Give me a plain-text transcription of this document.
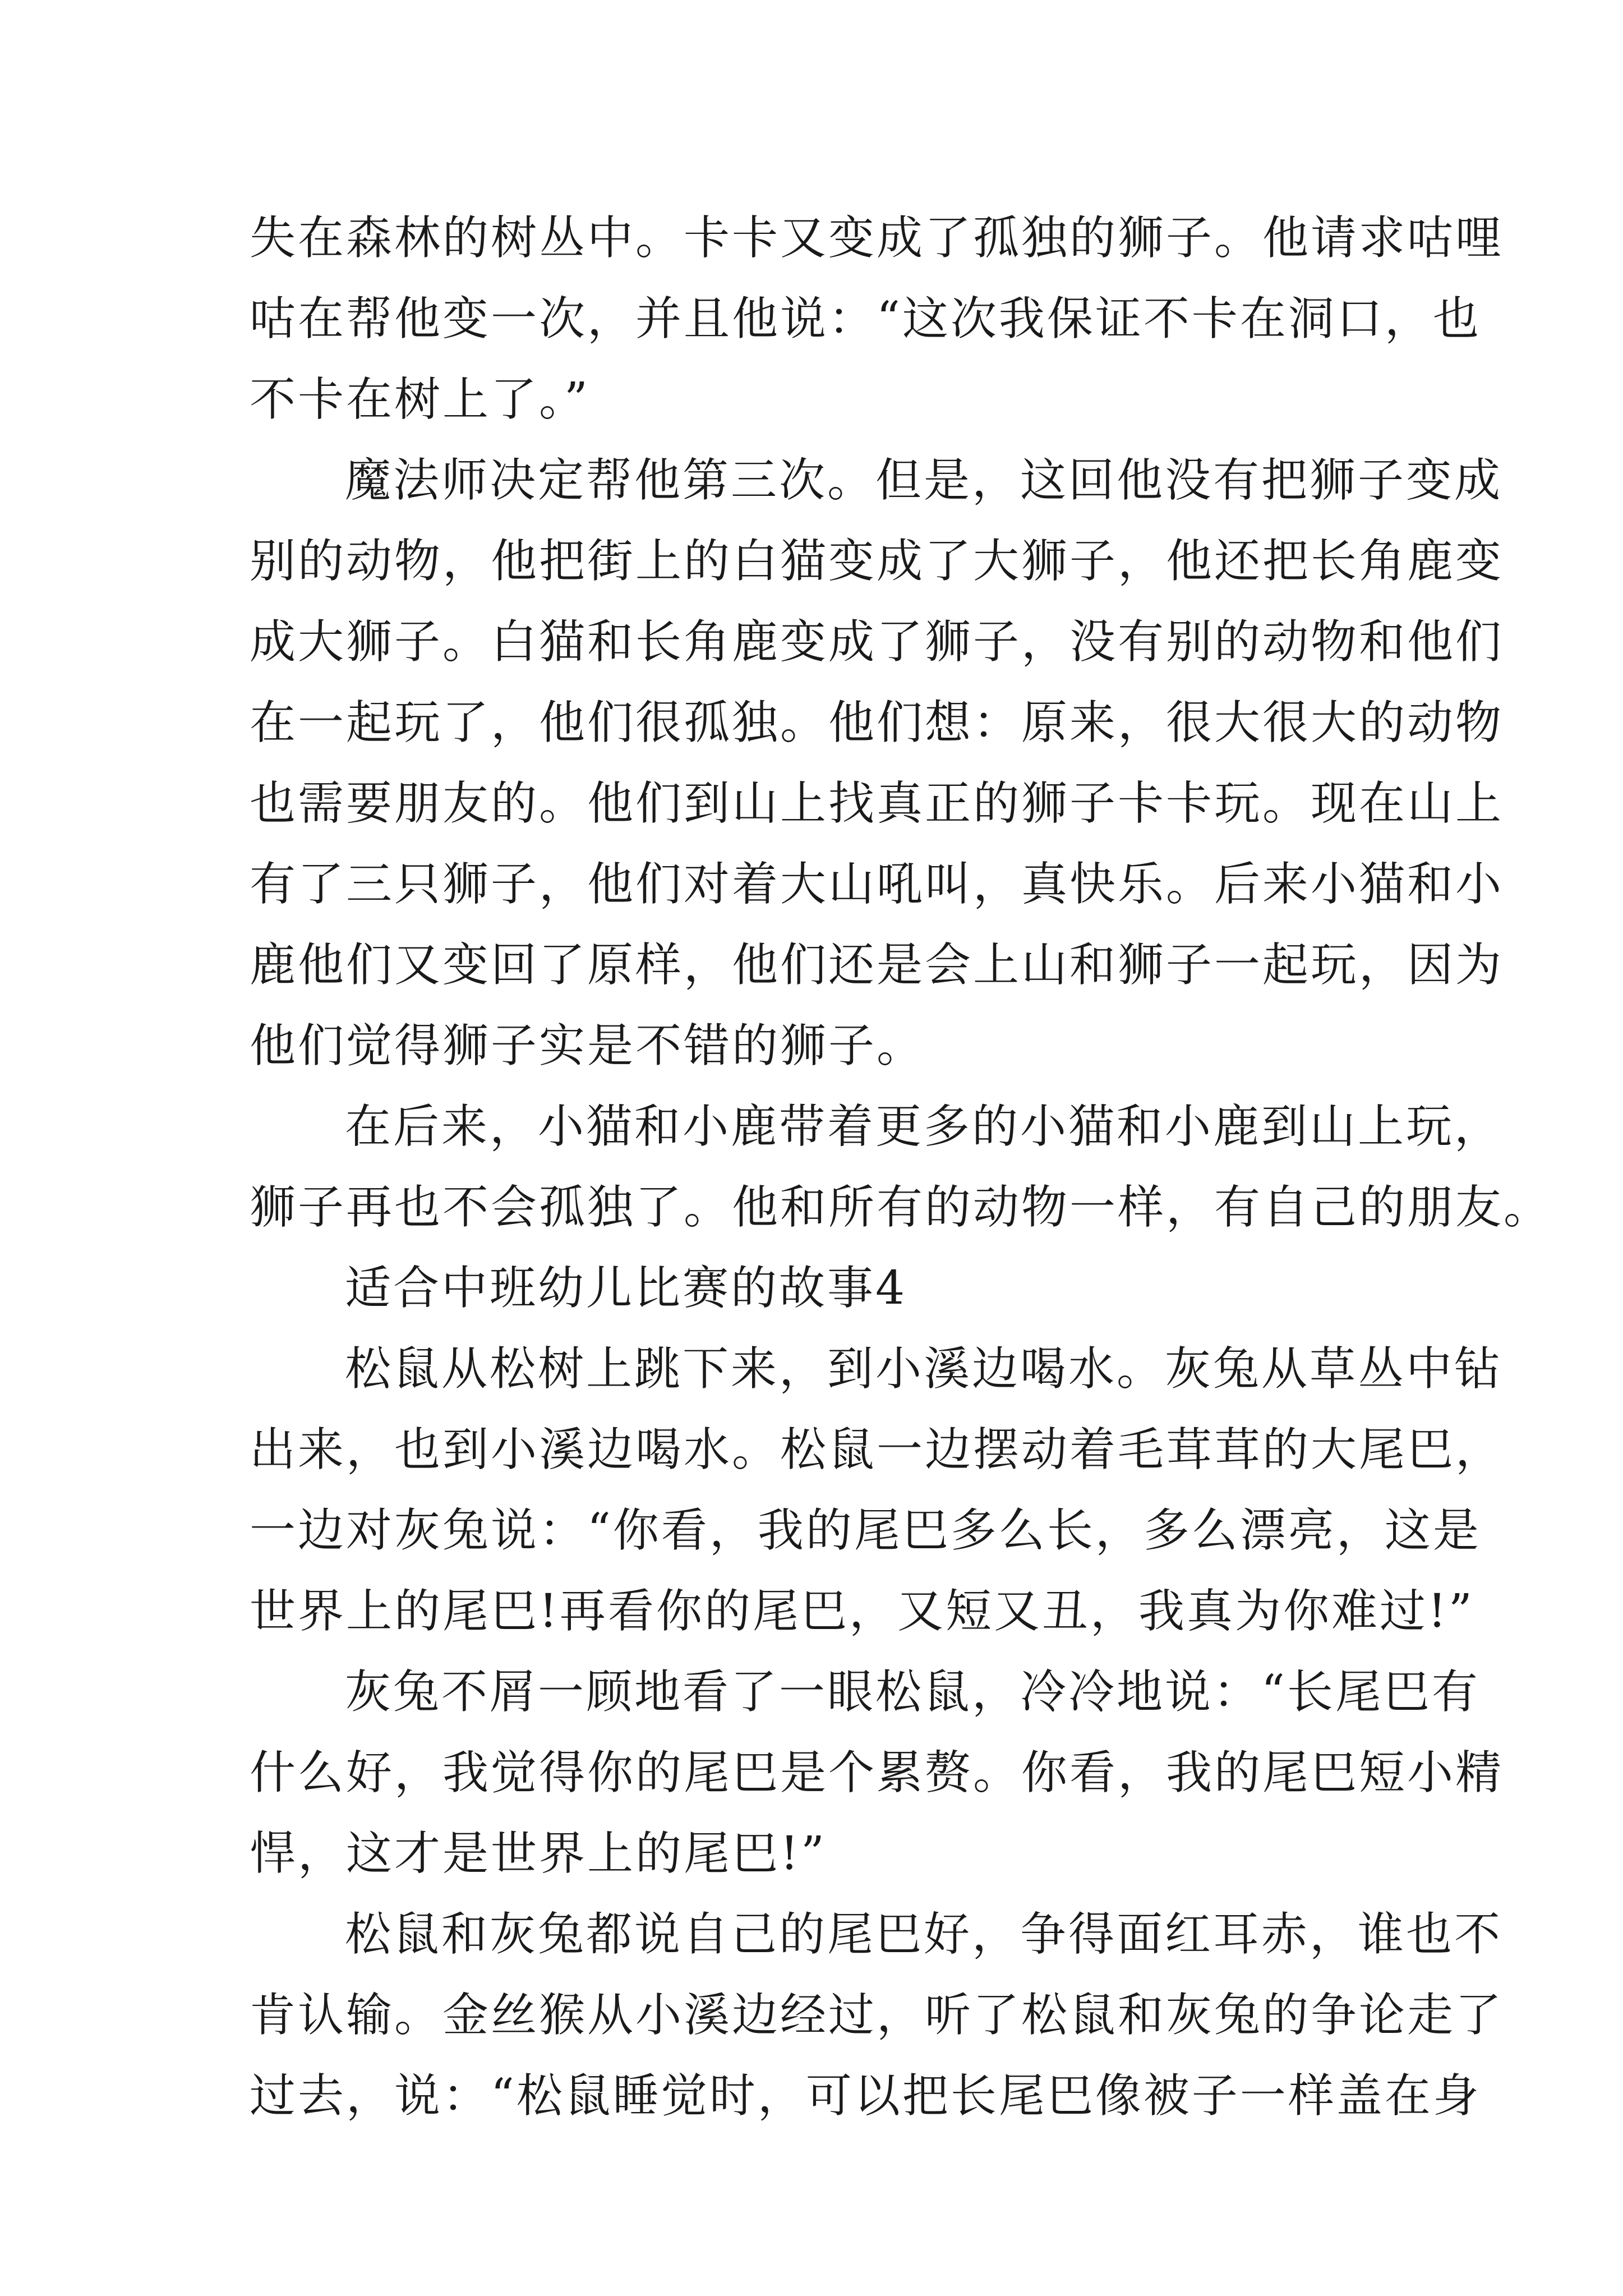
失在森林的树丛中。卡卡又变成了孤独的狮子。他请求咕哩
咕在帮他变一次，并且他说：“这次我保证不卡在洞口，也
不卡在树上了。”
魔法师决定帮他第三次。但是，这回他没有把狮子变成
别的动物，他把街上的白猫变成了大狮子，他还把长角鹿变
成大狮子。白猫和长角鹿变成了狮子，没有别的动物和他们
在一起玩了，他们很孤独。他们想：原来，很大很大的动物
也需要朋友的。他们到山上找真正的狮子卡卡玩。现在山上
有了三只狮子，他们对着大山吼叫，真快乐。后来小猫和小
鹿他们又变回了原样，他们还是会上山和狮子一起玩，因为
他们觉得狮子实是不错的狮子。
在后来，小猫和小鹿带着更多的小猫和小鹿到山上玩，
狮子再也不会孤独了。他和所有的动物一样，有自己的朋友。
适合中班幼儿比赛的故事4
松鼠从松树上跳下来，到小溪边喝水。灰兔从草丛中钻
出来，也到小溪边喝水。松鼠一边摆动着毛茸茸的大尾巴，
一边对灰兔说：“你看，我的尾巴多么长，多么漂亮，这是
世界上的尾巴!再看你的尾巴，又短又丑，我真为你难过!”
灰兔不屑一顾地看了一眼松鼠，冷冷地说：“长尾巴有
什么好，我觉得你的尾巴是个累赘。你看，我的尾巴短小精
悍，这才是世界上的尾巴!”
松鼠和灰兔都说自己的尾巴好，争得面红耳赤，谁也不
肯认输。金丝猴从小溪边经过，听了松鼠和灰兔的争论走了
过去，说：“松鼠睡觉时，可以把长尾巴像被子一样盖在身
